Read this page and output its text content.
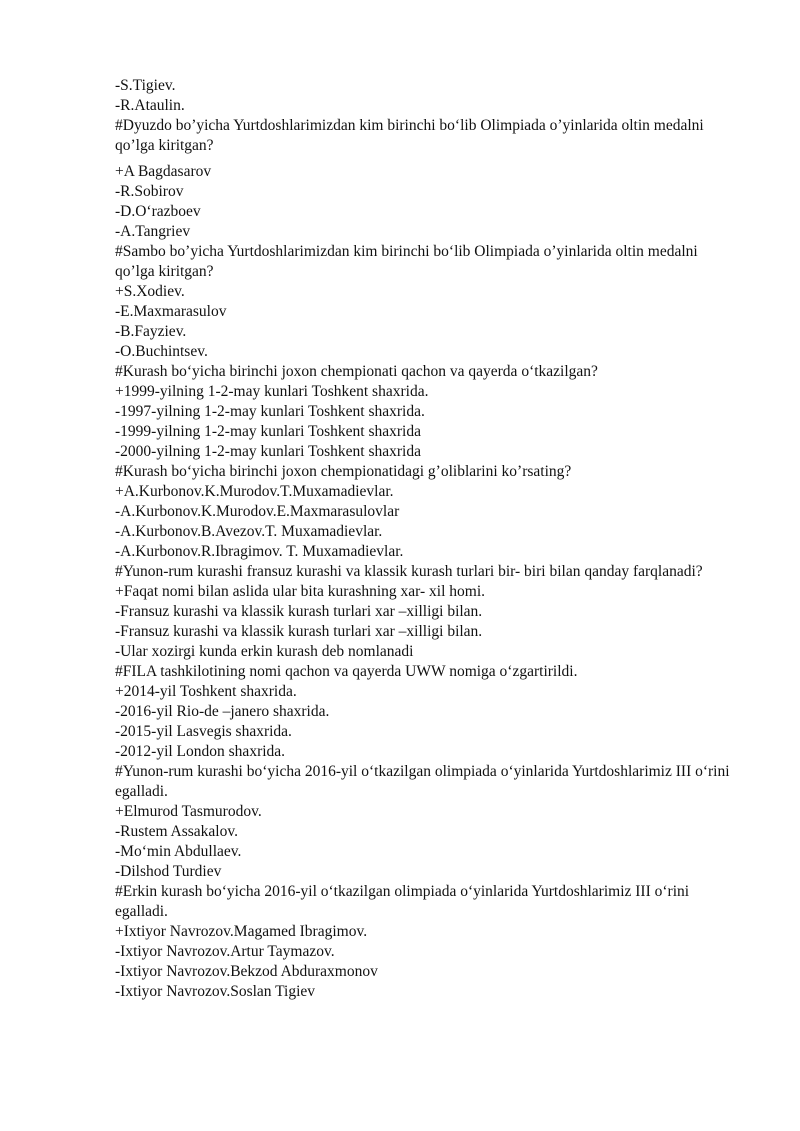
-S.Tigiev.

-R.Ataulin.

#Dyuzdo bo’yicha Yurtdoshlarimizdan kim birinchi bo‘lib Olimpiada o’yinlarida oltin medalni qo’lga kiritgan?

+A Bagdasarov

-R.Sobirov

-D.O‘razboev

-A.Tangriev

#Sambo bo’yicha Yurtdoshlarimizdan kim birinchi bo‘lib Olimpiada o’yinlarida oltin medalni qo’lga kiritgan?

+S.Xodiev.

-E.Maxmarasulov

-B.Fayziev.

-O.Buchintsev.

#Kurash bo‘yicha birinchi joxon chempionati qachon va qayerda o‘tkazilgan?

+1999-yilning 1-2-may kunlari Toshkent shaxrida.

-1997-yilning 1-2-may kunlari Toshkent shaxrida.

-1999-yilning 1-2-may kunlari Toshkent shaxrida

-2000-yilning 1-2-may kunlari Toshkent shaxrida

#Kurash bo‘yicha birinchi joxon chempionatidagi g’oliblarini ko’rsating?

+A.Kurbonov.K.Murodov.T.Muxamadievlar.

-A.Kurbonov.K.Murodov.E.Maxmarasulovlar

-A.Kurbonov.B.Avezov.T. Muxamadievlar.

-A.Kurbonov.R.Ibragimov. T. Muxamadievlar.

#Yunon-rum kurashi fransuz kurashi va klassik kurash turlari bir- biri bilan qanday farqlanadi?

+Faqat nomi bilan aslida ular bita kurashning xar- xil homi.

-Fransuz kurashi va klassik kurash turlari xar –xilligi bilan.

-Fransuz kurashi va klassik kurash turlari xar –xilligi bilan.

-Ular xozirgi kunda erkin kurash deb nomlanadi

#FILA tashkilotining nomi qachon va qayerda UWW nomiga o‘zgartirildi.

+2014-yil Toshkent shaxrida.

-2016-yil Rio-de –janero shaxrida.

-2015-yil Lasvegis shaxrida.

-2012-yil London shaxrida.

#Yunon-rum kurashi bo‘yicha 2016-yil o‘tkazilgan olimpiada o‘yinlarida Yurtdoshlarimiz III o‘rini egalladi.

+Elmurod Tasmurodov.

-Rustem Assakalov.

-Mo‘min Abdullaev.

-Dilshod Turdiev

#Erkin kurash bo‘yicha 2016-yil o‘tkazilgan olimpiada o‘yinlarida Yurtdoshlarimiz III o‘rini egalladi.

+Ixtiyor Navrozov.Magamed Ibragimov.

-Ixtiyor Navrozov.Artur Taymazov.

-Ixtiyor Navrozov.Bekzod Abduraxmonov

-Ixtiyor Navrozov.Soslan Tigiev
